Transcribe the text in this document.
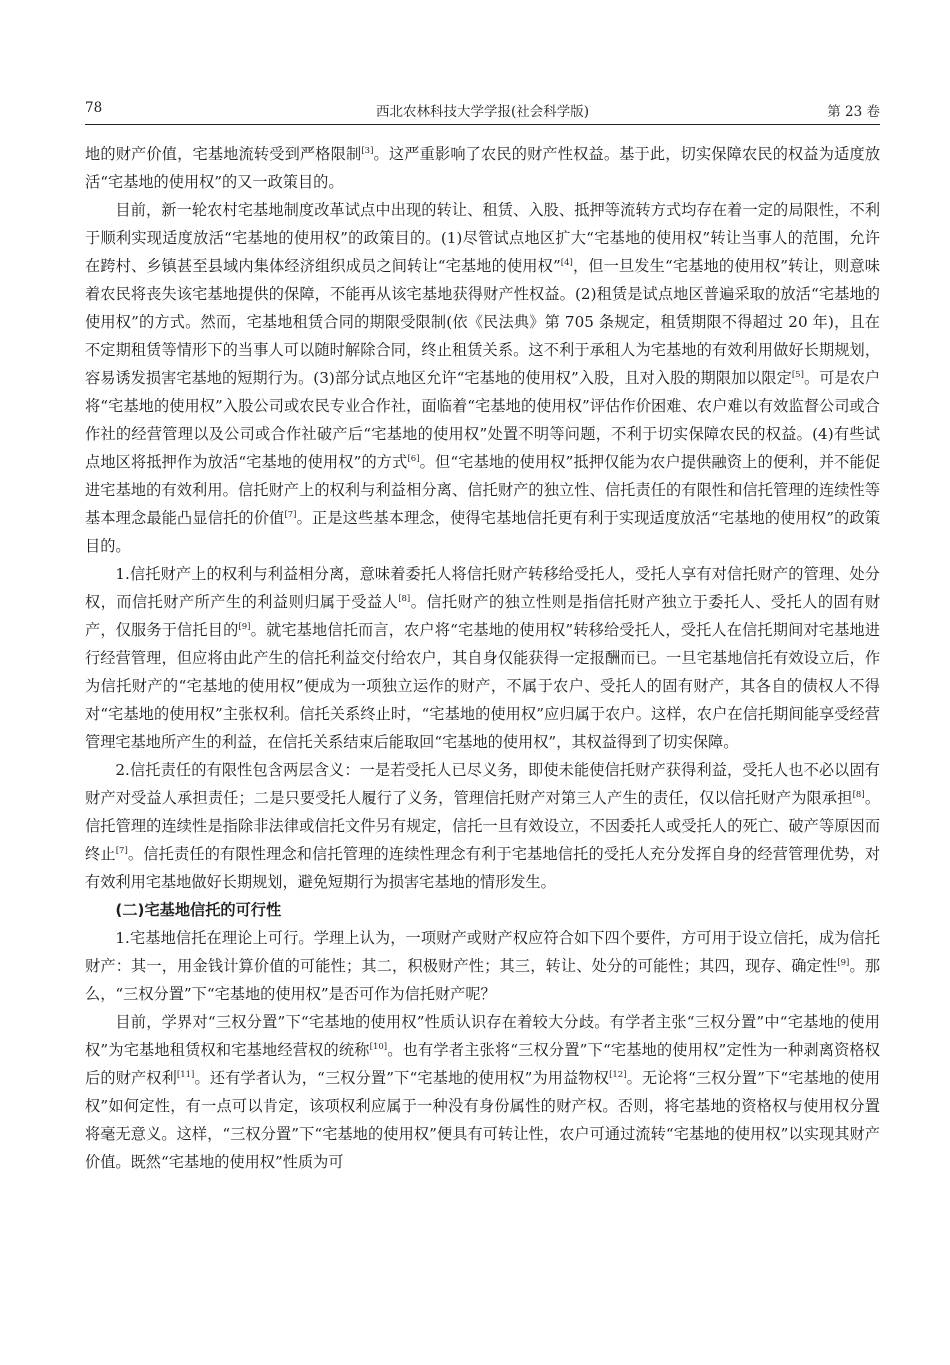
78	西北农林科技大学学报(社会科学版)	第 23 卷

地的财产价值，宅基地流转受到严格限制[3]。这严重影响了农民的财产性权益。基于此，切实保障农民的权益为适度放活“宅基地的使用权”的又一政策目的。

目前，新一轮农村宅基地制度改革试点中出现的转让、租赁、入股、抵押等流转方式均存在着一定的局限性，不利于顺利实现适度放活“宅基地的使用权”的政策目的。(1)尽管试点地区扩大“宅基地的使用权”转让当事人的范围，允许在跨村、乡镇甚至县域内集体经济组织成员之间转让“宅基地的使用权”[4]，但一旦发生“宅基地的使用权”转让，则意味着农民将丧失该宅基地提供的保障，不能再从该宅基地获得财产性权益。(2)租赁是试点地区普遍采取的放活“宅基地的使用权”的方式。然而，宅基地租赁合同的期限受限制(依《民法典》第 705 条规定，租赁期限不得超过 20 年)，且在不定期租赁等情形下的当事人可以随时解除合同，终止租赁关系。这不利于承租人为宅基地的有效利用做好长期规划，容易诱发损害宅基地的短期行为。(3)部分试点地区允许“宅基地的使用权”入股，且对入股的期限加以限定[5]。可是农户将“宅基地的使用权”入股公司或农民专业合作社，面临着“宅基地的使用权”评估作价困难、农户难以有效监督公司或合作社的经营管理以及公司或合作社破产后“宅基地的使用权”处置不明等问题，不利于切实保障农民的权益。(4)有些试点地区将抵押作为放活“宅基地的使用权”的方式[6]。但“宅基地的使用权”抵押仅能为农户提供融资上的便利，并不能促进宅基地的有效利用。信托财产上的权利与利益相分离、信托财产的独立性、信托责任的有限性和信托管理的连续性等基本理念最能凸显信托的价值[7]。正是这些基本理念，使得宅基地信托更有利于实现适度放活“宅基地的使用权”的政策目的。

1.信托财产上的权利与利益相分离，意味着委托人将信托财产转移给受托人，受托人享有对信托财产的管理、处分权，而信托财产所产生的利益则归属于受益人[8]。信托财产的独立性则是指信托财产独立于委托人、受托人的固有财产，仅服务于信托目的[9]。就宅基地信托而言，农户将“宅基地的使用权”转移给受托人，受托人在信托期间对宅基地进行经营管理，但应将由此产生的信托利益交付给农户，其自身仅能获得一定报酬而已。一旦宅基地信托有效设立后，作为信托财产的“宅基地的使用权”便成为一项独立运作的财产，不属于农户、受托人的固有财产，其各自的债权人不得对“宅基地的使用权”主张权利。信托关系终止时，“宅基地的使用权”应归属于农户。这样，农户在信托期间能享受经营管理宅基地所产生的利益，在信托关系结束后能取回“宅基地的使用权”，其权益得到了切实保障。

2.信托责任的有限性包含两层含义：一是若受托人已尽义务，即使未能使信托财产获得利益，受托人也不必以固有财产对受益人承担责任；二是只要受托人履行了义务，管理信托财产对第三人产生的责任，仅以信托财产为限承担[8]。信托管理的连续性是指除非法律或信托文件另有规定，信托一旦有效设立，不因委托人或受托人的死亡、破产等原因而终止[7]。信托责任的有限性理念和信托管理的连续性理念有利于宅基地信托的受托人充分发挥自身的经营管理优势，对有效利用宅基地做好长期规划，避免短期行为损害宅基地的情形发生。

(二)宅基地信托的可行性

1.宅基地信托在理论上可行。学理上认为，一项财产或财产权应符合如下四个要件，方可用于设立信托，成为信托财产：其一，用金钱计算价值的可能性；其二，积极财产性；其三，转让、处分的可能性；其四，现存、确定性[9]。那么，“三权分置”下“宅基地的使用权”是否可作为信托财产呢？

目前，学界对“三权分置”下“宅基地的使用权”性质认识存在着较大分歧。有学者主张“三权分置”中“宅基地的使用权”为宅基地租赁权和宅基地经营权的统称[10]。也有学者主张将“三权分置”下“宅基地的使用权”定性为一种剥离资格权后的财产权利[11]。还有学者认为，“三权分置”下“宅基地的使用权”为用益物权[12]。无论将“三权分置”下“宅基地的使用权”如何定性，有一点可以肯定，该项权利应属于一种没有身份属性的财产权。否则，将宅基地的资格权与使用权分置将毫无意义。这样，“三权分置”下“宅基地的使用权”便具有可转让性，农户可通过流转“宅基地的使用权”以实现其财产价值。既然“宅基地的使用权”性质为可
